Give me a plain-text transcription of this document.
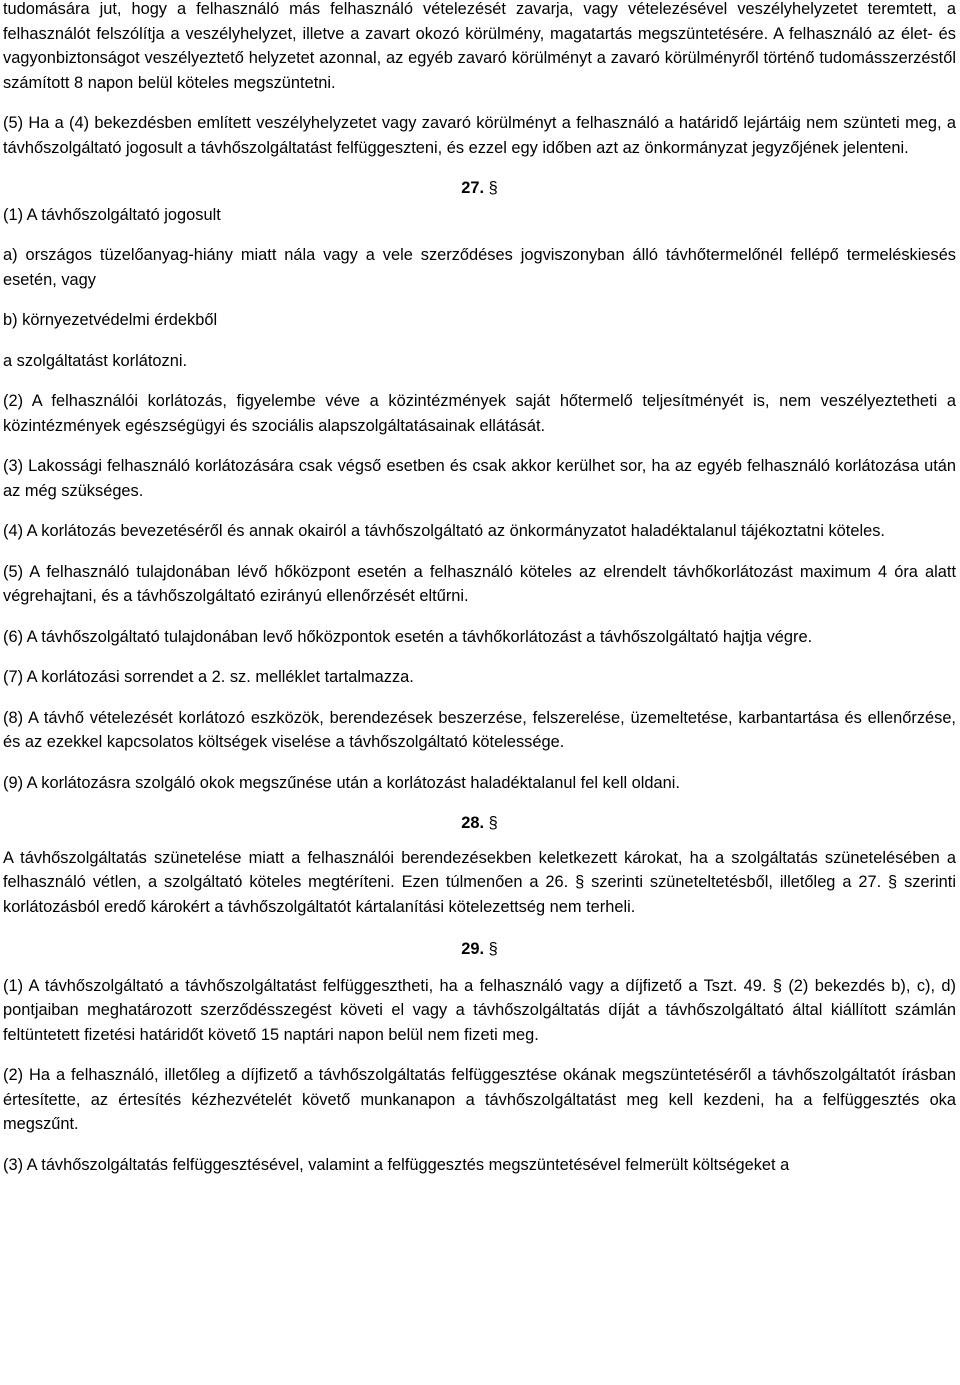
tudomására jut, hogy a felhasználó más felhasználó vételezését zavarja, vagy vételezésével veszélyhelyzetet teremtett, a felhasználót felszólítja a veszélyhelyzet, illetve a zavart okozó körülmény, magatartás megszüntetésére. A felhasználó az élet- és vagyonbiztonságot veszélyeztető helyzetet azonnal, az egyéb zavaró körülményt a zavaró körülményről történő tudomásszerzéstől számított 8 napon belül köteles megszüntetni.

(5) Ha a (4) bekezdésben említett veszélyhelyzetet vagy zavaró körülményt a felhasználó a határidő lejártáig nem szünteti meg, a távhőszolgáltató jogosult a távhőszolgáltatást felfüggeszteni, és ezzel egy időben azt az önkormányzat jegyzőjének jelenteni.

27. §

(1) A távhőszolgáltató jogosult

a) országos tüzelőanyag-hiány miatt nála vagy a vele szerződéses jogviszonyban álló távhőtermelőnél fellépő termeléskiesés esetén, vagy

b) környezetvédelmi érdekből

a szolgáltatást korlátozni.

(2) A felhasználói korlátozás, figyelembe véve a közintézmények saját hőtermelő teljesítményét is, nem veszélyeztetheti a közintézmények egészségügyi és szociális alapszolgáltatásainak ellátását.

(3) Lakossági felhasználó korlátozására csak végső esetben és csak akkor kerülhet sor, ha az egyéb felhasználó korlátozása után az még szükséges.

(4) A korlátozás bevezetéséről és annak okairól a távhőszolgáltató az önkormányzatot haladéktalanul tájékoztatni köteles.

(5) A felhasználó tulajdonában lévő hőközpont esetén a felhasználó köteles az elrendelt távhőkorlátozást maximum 4 óra alatt végrehajtani, és a távhőszolgáltató ezirányú ellenőrzését eltűrni.

(6) A távhőszolgáltató tulajdonában levő hőközpontok esetén a távhőkorlátozást a távhőszolgáltató hajtja végre.

(7) A korlátozási sorrendet a 2. sz. melléklet tartalmazza.

(8) A távhő vételezését korlátozó eszközök, berendezések beszerzése, felszerelése, üzemeltetése, karbantartása és ellenőrzése, és az ezekkel kapcsolatos költségek viselése a távhőszolgáltató kötelessége.

(9) A korlátozásra szolgáló okok megszűnése után a korlátozást haladéktalanul fel kell oldani.

28. §

A távhőszolgáltatás szünetelése miatt a felhasználói berendezésekben keletkezett károkat, ha a szolgáltatás szünetelésében a felhasználó vétlen, a szolgáltató köteles megtéríteni. Ezen túlmenően a 26. § szerinti szüneteltetésből, illetőleg a 27. § szerinti korlátozásból eredő károkért a távhőszolgáltatót kártalanítási kötelezettség nem terheli.

29. §

(1) A távhőszolgáltató a távhőszolgáltatást felfüggesztheti, ha a felhasználó vagy a díjfizető a Tszt. 49. § (2) bekezdés b), c), d) pontjaiban meghatározott szerződésszegést követi el vagy a távhőszolgáltatás díját a távhőszolgáltató által kiállított számlán feltüntetett fizetési határidőt követő 15 naptári napon belül nem fizeti meg.

(2) Ha a felhasználó, illetőleg a díjfizető a távhőszolgáltatás felfüggesztése okának megszüntetéséről a távhőszolgáltatót írásban értesítette, az értesítés kézhezvételét követő munkanapon a távhőszolgáltatást meg kell kezdeni, ha a felfüggesztés oka megszűnt.

(3) A távhőszolgáltatás felfüggesztésével, valamint a felfüggesztés megszüntetésével felmerült költségeket a
